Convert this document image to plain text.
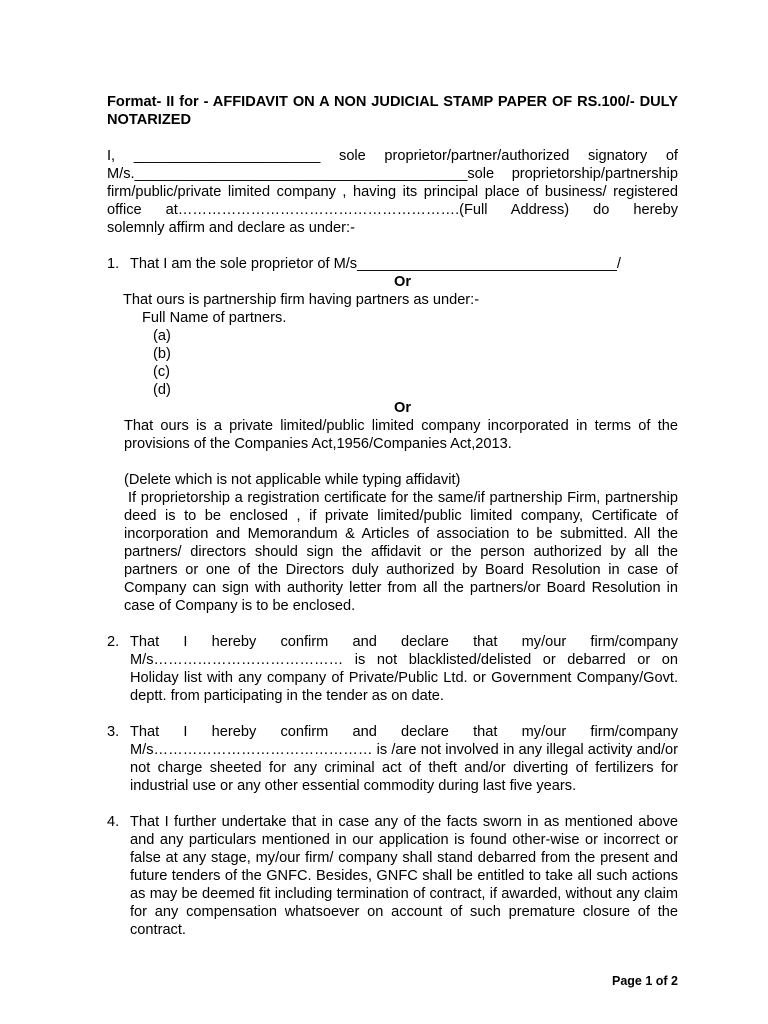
Format- II for - AFFIDAVIT ON A NON JUDICIAL STAMP PAPER OF RS.100/- DULY NOTARIZED

I, _______________________ sole proprietor/partner/authorized signatory of

M/s._________________________________________sole proprietorship/partnership

firm/public/private limited company , having its principal place of business/ registered

office at………………………………………………….(Full Address) do hereby

solemnly affirm and declare as under:-

1. That I am the sole proprietor of M/s________________________________/

Or

That ours is partnership firm having partners as under:-

Full Name of partners.

(a)

(b)

(c)

(d)

Or

That ours is a private limited/public limited company incorporated in terms of the provisions of the Companies Act,1956/Companies Act,2013.

(Delete which is not applicable while typing affidavit)

If proprietorship a registration certificate for the same/if partnership Firm, partnership deed is to be enclosed , if private limited/public limited company, Certificate of incorporation and Memorandum & Articles of association to be submitted. All the partners/ directors should sign the affidavit or the person authorized by all the partners or one of the Directors duly authorized by Board Resolution in case of Company can sign with authority letter from all the partners/or Board Resolution in case of Company is to be enclosed.

2. That I hereby confirm and declare that my/our firm/company M/s………………………………… is not blacklisted/delisted or debarred or on Holiday list with any company of Private/Public Ltd. or Government Company/Govt. deptt. from participating in the tender as on date.

3. That I hereby confirm and declare that my/our firm/company M/s……………………………………… is /are not involved in any illegal activity and/or not charge sheeted for any criminal act of theft and/or diverting of fertilizers for industrial use or any other essential commodity during last five years.

4. That I further undertake that in case any of the facts sworn in as mentioned above and any particulars mentioned in our application is found other-wise or incorrect or false at any stage, my/our firm/ company shall stand debarred from the present and future tenders of the GNFC. Besides, GNFC shall be entitled to take all such actions as may be deemed fit including termination of contract, if awarded, without any claim for any compensation whatsoever on account of such premature closure of the contract.

Page 1 of 2
